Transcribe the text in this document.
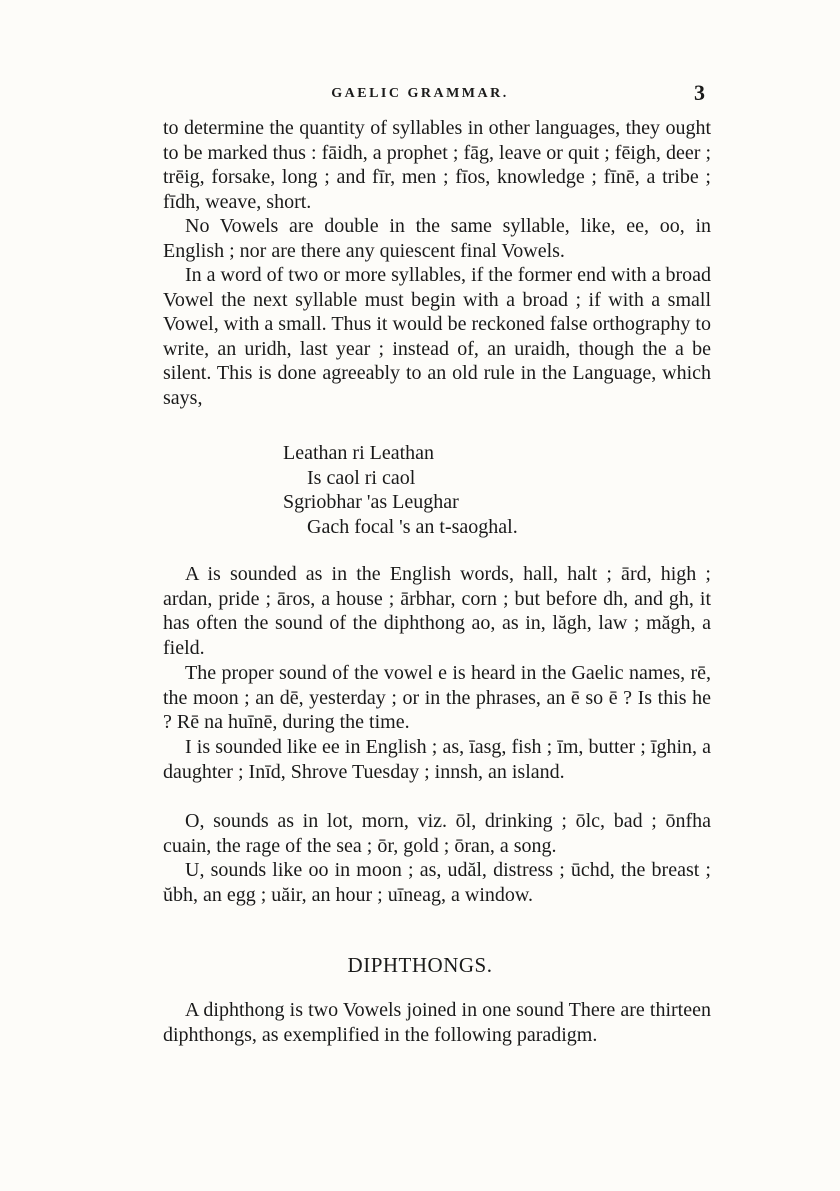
GAELIC GRAMMAR.	3

to determine the quantity of syllables in other languages, they ought to be marked thus : fāidh, a prophet ; fāg, leave or quit ; fēigh, deer ; trēig, forsake, long ; and fīr, men ; fīos, knowledge ; fīnē, a tribe ; fīdh, weave, short.

No Vowels are double in the same syllable, like, ee, oo, in English ; nor are there any quiescent final Vowels.

In a word of two or more syllables, if the former end with a broad Vowel the next syllable must begin with a broad ; if with a small Vowel, with a small. Thus it would be reckoned false orthography to write, an uridh, last year ; instead of, an uraidh, though the a be silent. This is done agreeably to an old rule in the Language, which says,

Leathan ri Leathan
Is caol ri caol
Sgriobhar 'as Leughar
Gach focal 's an t-saoghal.

A is sounded as in the English words, hall, halt ; ārd, high ; ardan, pride ; āros, a house ; ārbhar, corn ; but before dh, and gh, it has often the sound of the diphthong ao, as in, lăgh, law ; măgh, a field.

The proper sound of the vowel e is heard in the Gaelic names, rē, the moon ; an dē, yesterday ; or in the phrases, an ē so ē ? Is this he ? Rē na huīnē, during the time.

I is sounded like ee in English ; as, īasg, fish ; īm, butter ; īghin, a daughter ; Inīd, Shrove Tuesday ; innsh, an island.

O, sounds as in lot, morn, viz. ōl, drinking ; ōlc, bad ; ōnfha cuain, the rage of the sea ; ōr, gold ; ōran, a song.

U, sounds like oo in moon ; as, udăl, distress ; ūchd, the breast ; ŭbh, an egg ; uăir, an hour ; uīneag, a window.

DIPHTHONGS.

A diphthong is two Vowels joined in one sound There are thirteen diphthongs, as exemplified in the following paradigm.
